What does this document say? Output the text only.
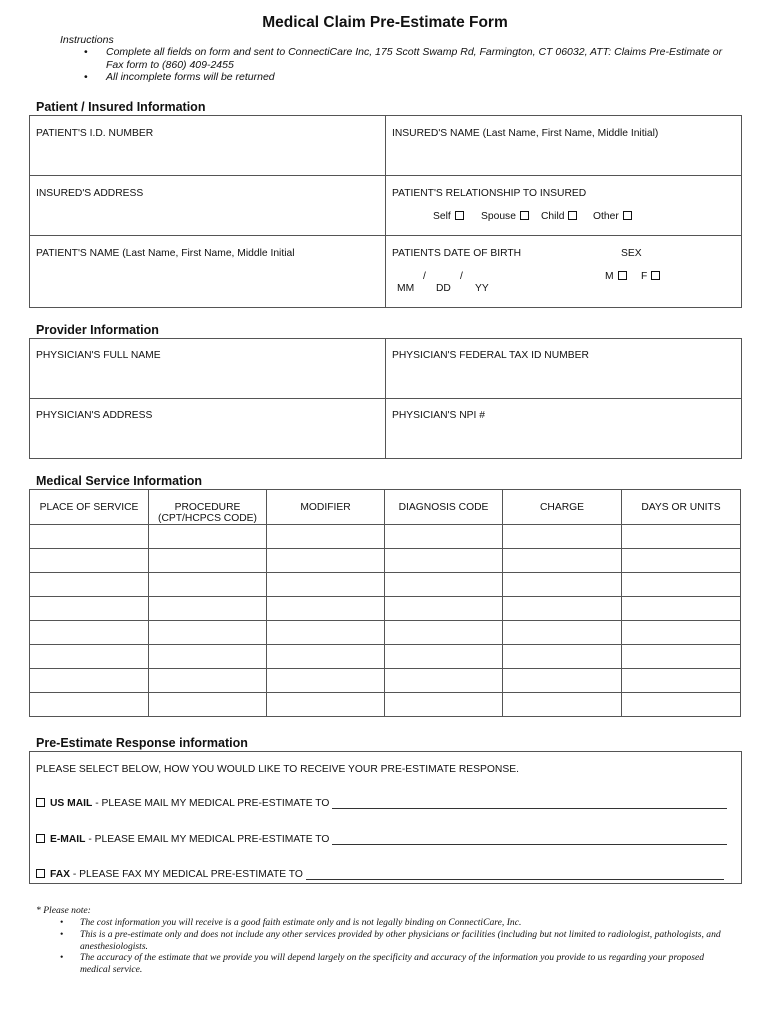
Medical Claim Pre-Estimate Form
Instructions
• Complete all fields on form and sent to ConnectiCare Inc, 175 Scott Swamp Rd, Farmington, CT 06032, ATT: Claims Pre-Estimate or Fax form to (860) 409-2455
• All incomplete forms will be returned
Patient / Insured Information
PATIENT'S I.D. NUMBER	INSURED'S NAME (Last Name, First Name, Middle Initial)
INSURED'S ADDRESS	PATIENT'S RELATIONSHIP TO INSURED
Self	Spouse	Child	Other
PATIENT'S NAME (Last Name, First Name, Middle Initial	PATIENTS DATE OF BIRTH	SEX
/	/
MM DD YY
M	F
Provider Information
PHYSICIAN'S FULL NAME	PHYSICIAN'S FEDERAL TAX ID NUMBER
PHYSICIAN'S ADDRESS	PHYSICIAN'S NPI #
Medical Service Information
PLACE OF SERVICE	PROCEDURE (CPT/HCPCS CODE)	MODIFIER	DIAGNOSIS CODE	CHARGE	DAYS OR UNITS

Pre-Estimate Response information
PLEASE SELECT BELOW, HOW YOU WOULD LIKE TO RECEIVE YOUR PRE-ESTIMATE RESPONSE.
US MAIL - PLEASE MAIL MY MEDICAL PRE-ESTIMATE TO
E-MAIL - PLEASE EMAIL MY MEDICAL PRE-ESTIMATE TO
FAX - PLEASE FAX MY MEDICAL PRE-ESTIMATE TO
* Please note:
• The cost information you will receive is a good faith estimate only and is not legally binding on ConnectiCare, Inc.
• This is a pre-estimate only and does not include any other services provided by other physicians or facilities (including but not limited to radiologist, pathologists, and anesthesiologists.
• The accuracy of the estimate that we provide you will depend largely on the specificity and accuracy of the information you provide to us regarding your proposed medical service.
